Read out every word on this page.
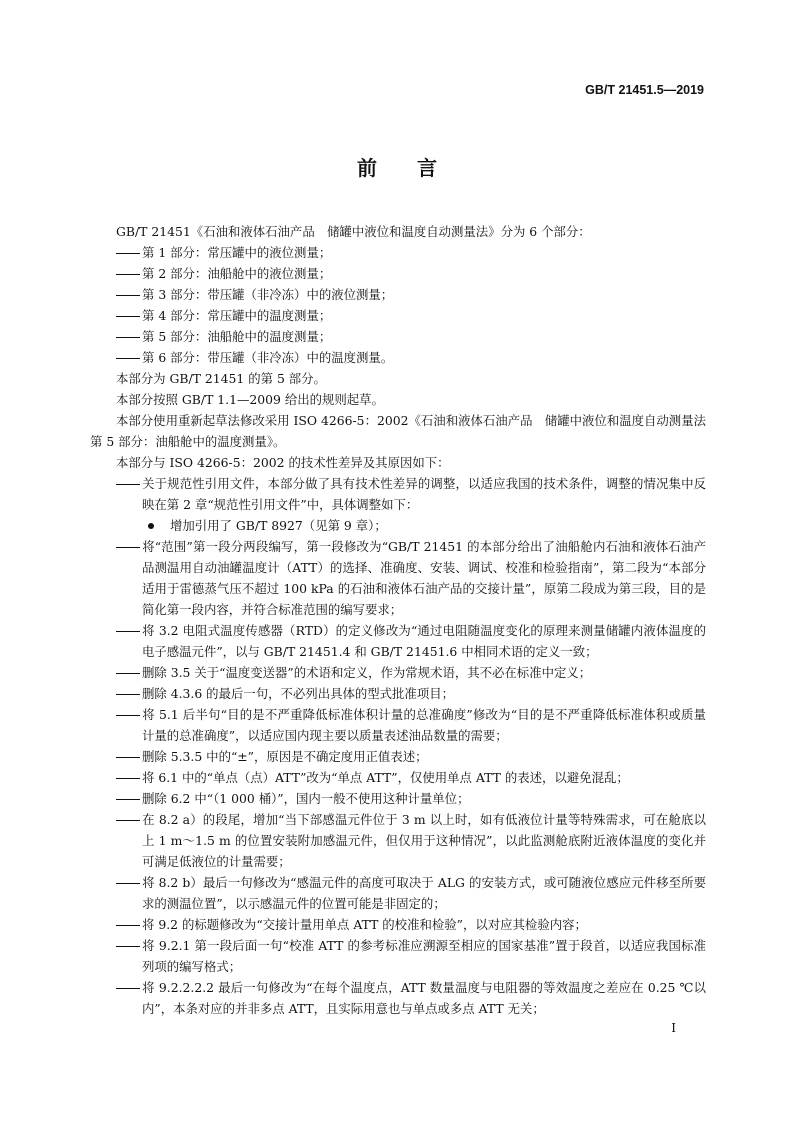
GB/T 21451.5—2019
前言

GB/T 21451《石油和液体石油产品　储罐中液位和温度自动测量法》分为 6 个部分：

第 1 部分：常压罐中的液位测量；

第 2 部分：油船舱中的液位测量；

第 3 部分：带压罐（非冷冻）中的液位测量；

第 4 部分：常压罐中的温度测量；

第 5 部分：油船舱中的温度测量；

第 6 部分：带压罐（非冷冻）中的温度测量。

本部分为 GB/T 21451 的第 5 部分。

本部分按照 GB/T 1.1—2009 给出的规则起草。

本部分使用重新起草法修改采用 ISO 4266-5：2002《石油和液体石油产品　储罐中液位和温度自动测量法　第 5 部分：油船舱中的温度测量》。

本部分与 ISO 4266-5：2002 的技术性差异及其原因如下：

关于规范性引用文件，本部分做了具有技术性差异的调整，以适应我国的技术条件，调整的情况集中反映在第 2 章“规范性引用文件”中，具体调整如下：

增加引用了 GB/T 8927（见第 9 章）；

将“范围”第一段分两段编写，第一段修改为“GB/T 21451 的本部分给出了油船舱内石油和液体石油产品测温用自动油罐温度计（ATT）的选择、准确度、安装、调试、校准和检验指南”，第二段为“本部分适用于雷德蒸气压不超过 100 kPa 的石油和液体石油产品的交接计量”，原第二段成为第三段，目的是简化第一段内容，并符合标准范围的编写要求；

将 3.2 电阻式温度传感器（RTD）的定义修改为“通过电阻随温度变化的原理来测量储罐内液体温度的电子感温元件”，以与 GB/T 21451.4 和 GB/T 21451.6 中相同术语的定义一致；

删除 3.5 关于“温度变送器”的术语和定义，作为常规术语，其不必在标准中定义；

删除 4.3.6 的最后一句，不必列出具体的型式批准项目；

将 5.1 后半句“目的是不严重降低标准体积计量的总准确度”修改为“目的是不严重降低标准体积或质量计量的总准确度”，以适应国内现主要以质量表述油品数量的需要；

删除 5.3.5 中的“±”，原因是不确定度用正值表述；

将 6.1 中的“单点（点）ATT”改为“单点 ATT”，仅使用单点 ATT 的表述，以避免混乱；

删除 6.2 中“（1 000 桶）”，国内一般不使用这种计量单位；

在 8.2 a）的段尾，增加“当下部感温元件位于 3 m 以上时，如有低液位计量等特殊需求，可在舱底以上 1 m～1.5 m 的位置安装附加感温元件，但仅用于这种情况”，以此监测舱底附近液体温度的变化并可满足低液位的计量需要；

将 8.2 b）最后一句修改为“感温元件的高度可取决于 ALG 的安装方式，或可随液位感应元件移至所要求的测温位置”，以示感温元件的位置可能是非固定的；

将 9.2 的标题修改为“交接计量用单点 ATT 的校准和检验”，以对应其检验内容；

将 9.2.1 第一段后面一句“校准 ATT 的参考标准应溯源至相应的国家基准”置于段首，以适应我国标准列项的编写格式；

将 9.2.2.2.2 最后一句修改为“在每个温度点，ATT 数量温度与电阻器的等效温度之差应在 0.25 ℃以内”，本条对应的并非多点 ATT，且实际用意也与单点或多点 ATT 无关；

I
